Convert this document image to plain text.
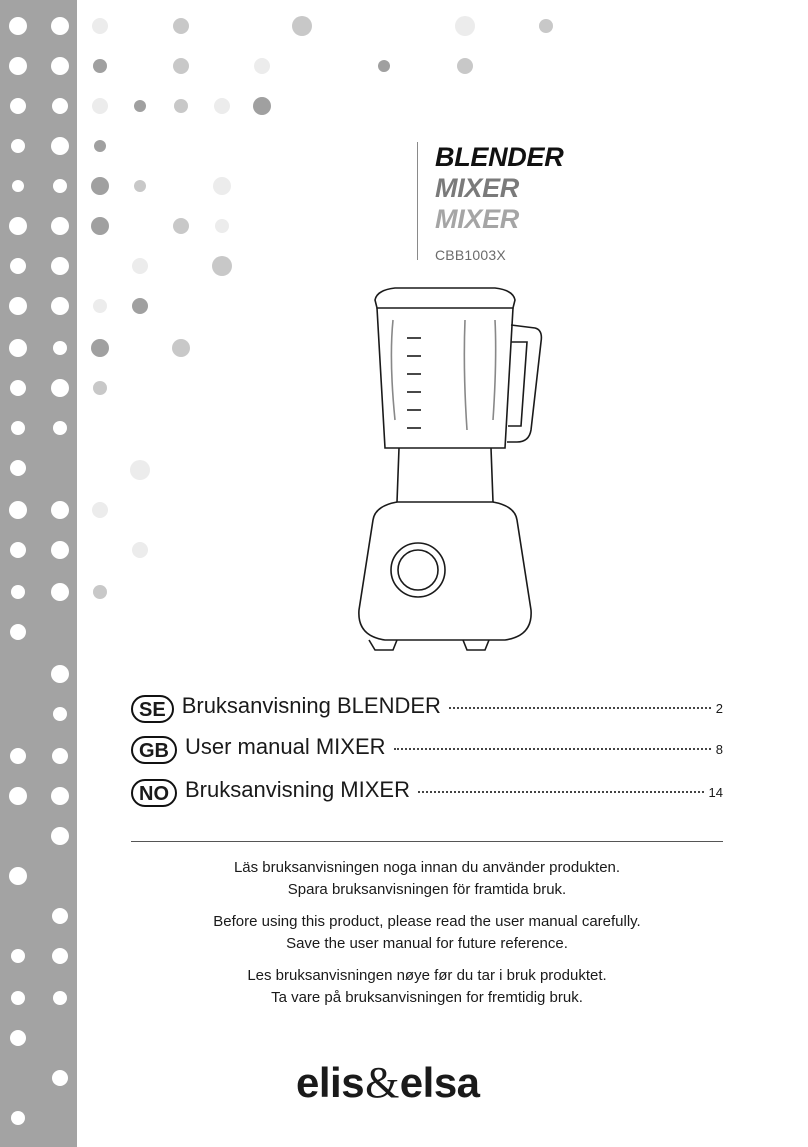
BLENDER
MIXER
MIXER
CBB1003X
SE Bruksanvisning BLENDER	2
GB User manual MIXER	8
NO Bruksanvisning MIXER	14

Läs bruksanvisningen noga innan du använder produkten.
Spara bruksanvisningen för framtida bruk.

Before using this product, please read the user manual carefully.
Save the user manual for future reference.

Les bruksanvisningen nøye før du tar i bruk produktet.
Ta vare på bruksanvisningen for fremtidig bruk.

elis&elsa
